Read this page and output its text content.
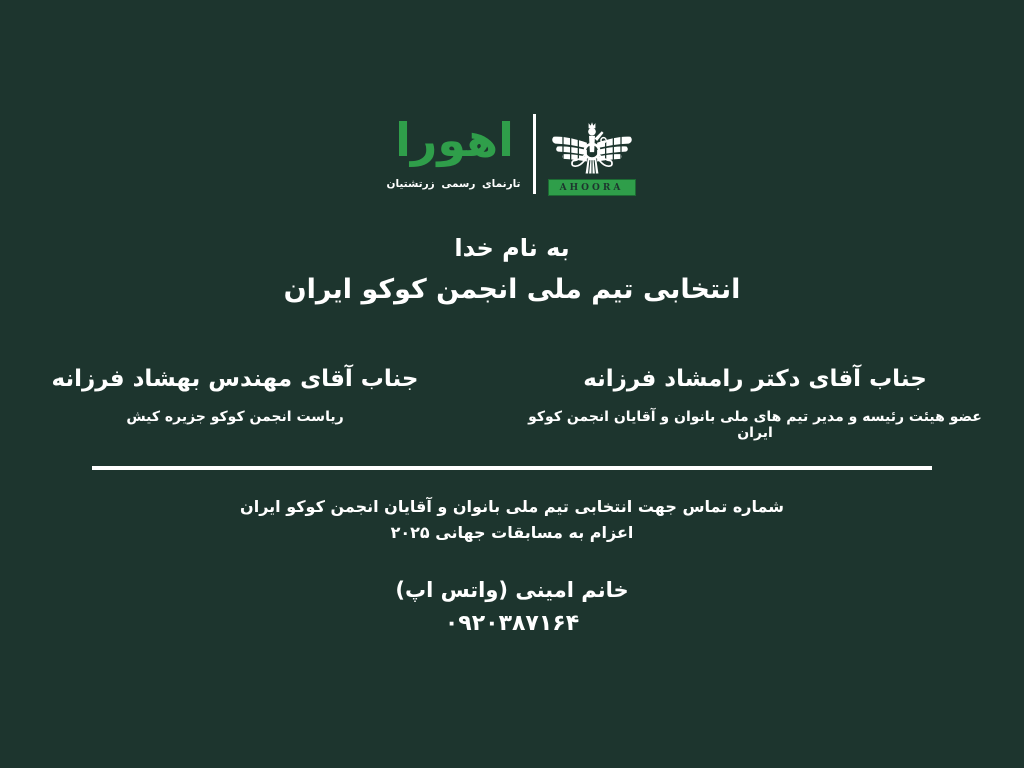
اهورا
تارنمای رسمی زرتشتیان	AHOORA
به نام خدا
انتخابی تیم ملی انجمن کوکو ایران
جناب آقای دکتر رامشاد فرزانه
عضو هیئت رئیسه و مدیر تیم های ملی بانوان و آقایان انجمن کوکو ایران
جناب آقای مهندس بهشاد فرزانه
ریاست انجمن کوکو جزیره کیش
شماره تماس جهت انتخابی تیم ملی بانوان و آقایان انجمن کوکو ایران
اعزام به مسابقات جهانی ۲۰۲۵
خانم امینی (واتس اپ)
۰۹۲۰۳۸۷۱۶۴
